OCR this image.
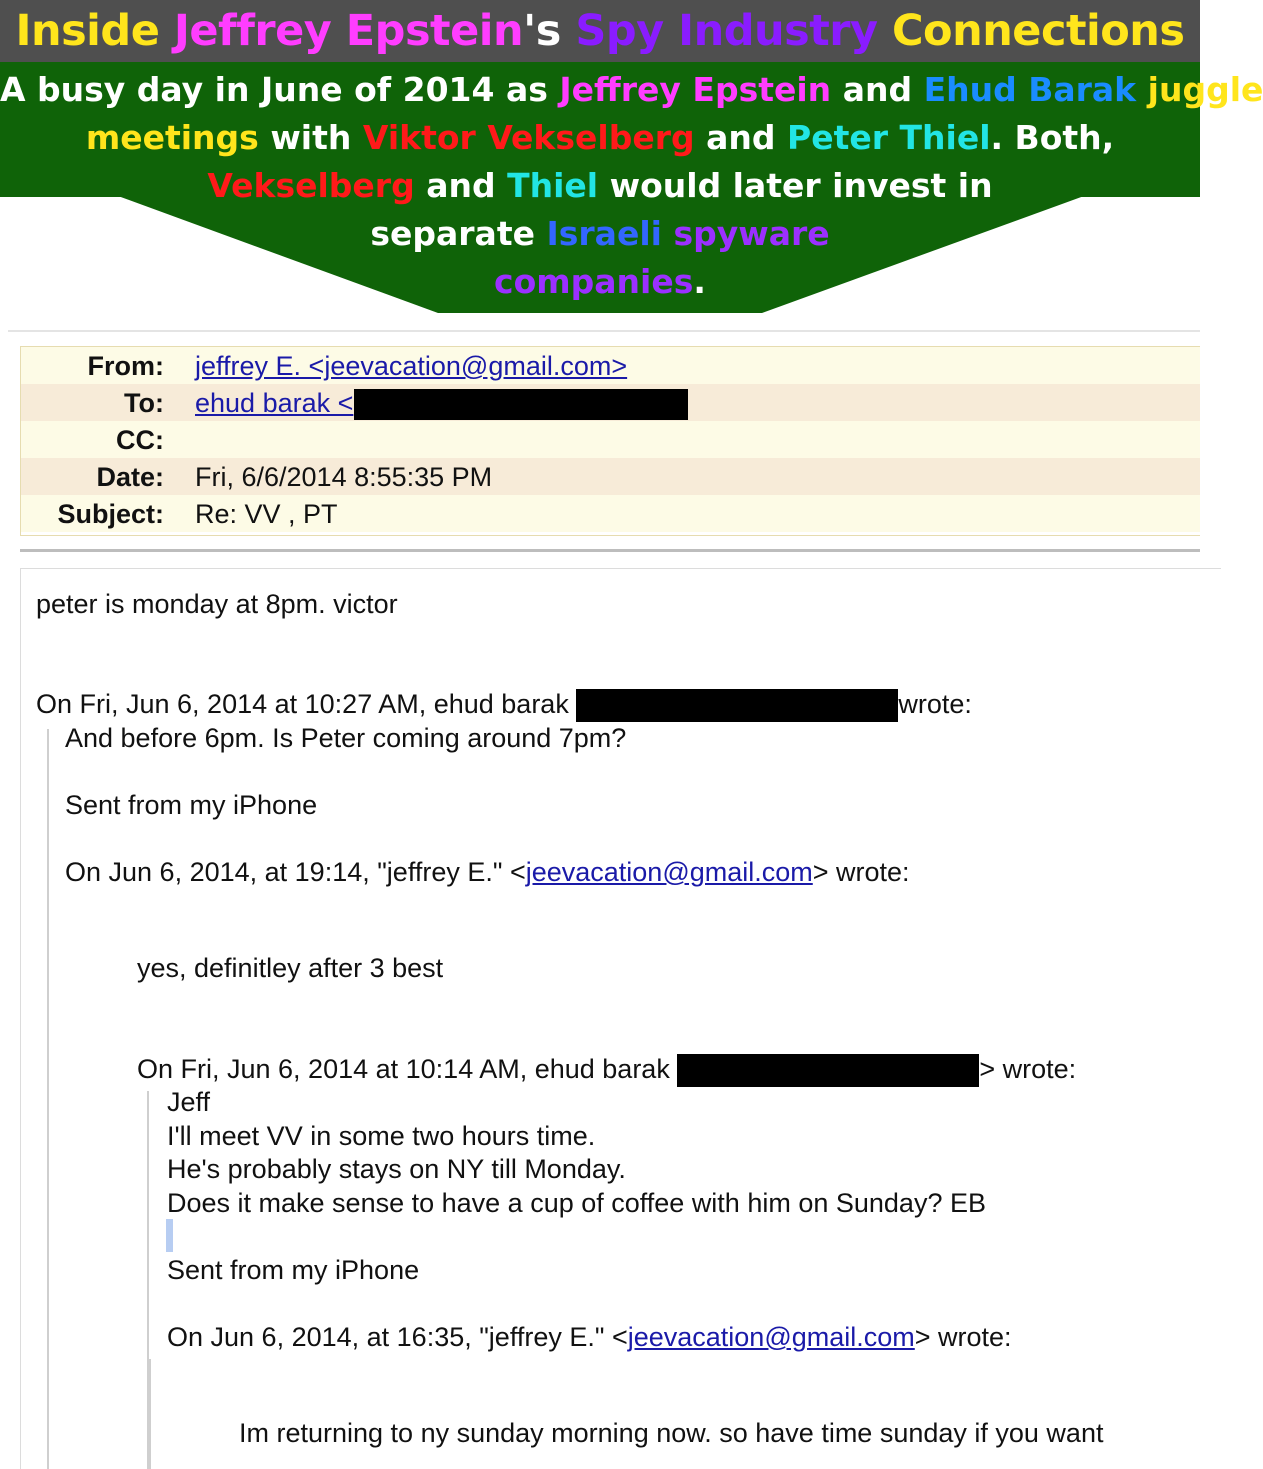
Inside Jeffrey Epstein's Spy Industry Connections
A busy day in June of 2014 as Jeffrey Epstein and Ehud Barak juggle
meetings with Viktor Vekselberg and Peter Thiel. Both,
Vekselberg and Thiel would later invest in
separate Israeli spyware
companies.
From: jeffrey E. <jeevacation@gmail.com>
To: ehud barak <
CC:
Date: Fri, 6/6/2014 8:55:35 PM
Subject: Re: VV , PT
peter is monday at 8pm. victor
On Fri, Jun 6, 2014 at 10:27 AM, ehud barak	wrote:
And before 6pm. Is Peter coming around 7pm?
Sent from my iPhone
On Jun 6, 2014, at 19:14, "jeffrey E." <jeevacation@gmail.com> wrote:
yes, definitley after 3 best
On Fri, Jun 6, 2014 at 10:14 AM, ehud barak	> wrote:
Jeff
I'll meet VV in some two hours time.
He's probably stays on NY till Monday.
Does it make sense to have a cup of coffee with him on Sunday? EB
Sent from my iPhone
On Jun 6, 2014, at 16:35, "jeffrey E." <jeevacation@gmail.com> wrote:
Im returning to ny sunday morning now. so have time sunday if you want
